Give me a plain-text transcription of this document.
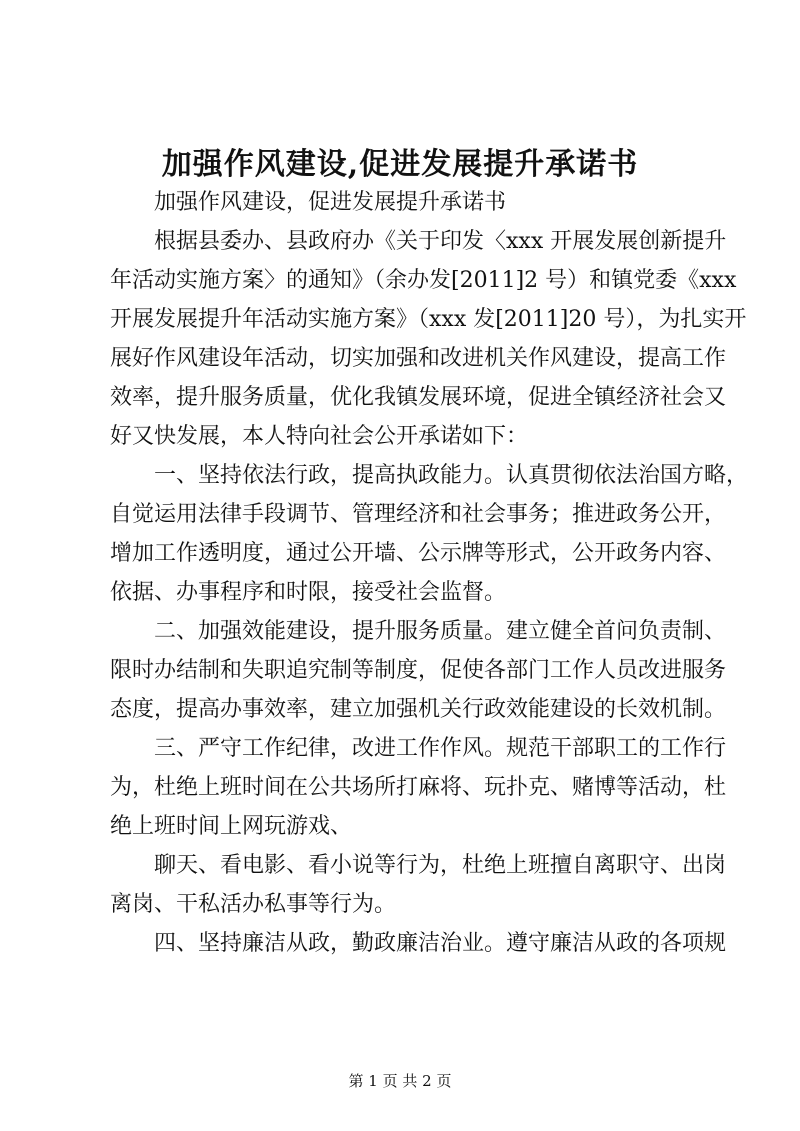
加强作风建设,促进发展提升承诺书
加强作风建设，促进发展提升承诺书
根据县委办、县政府办《关于印发〈xxx 开展发展创新提升
年活动实施方案〉的通知》（余办发[2011]2 号）和镇党委《xxx
开展发展提升年活动实施方案》（xxx 发[2011]20 号），为扎实开
展好作风建设年活动，切实加强和改进机关作风建设，提高工作
效率，提升服务质量，优化我镇发展环境，促进全镇经济社会又
好又快发展，本人特向社会公开承诺如下：
一、坚持依法行政，提高执政能力。认真贯彻依法治国方略，
自觉运用法律手段调节、管理经济和社会事务；推进政务公开，
增加工作透明度，通过公开墙、公示牌等形式，公开政务内容、
依据、办事程序和时限，接受社会监督。
二、加强效能建设，提升服务质量。建立健全首问负责制、
限时办结制和失职追究制等制度，促使各部门工作人员改进服务
态度，提高办事效率，建立加强机关行政效能建设的长效机制。
三、严守工作纪律，改进工作作风。规范干部职工的工作行
为，杜绝上班时间在公共场所打麻将、玩扑克、赌博等活动，杜
绝上班时间上网玩游戏、
聊天、看电影、看小说等行为，杜绝上班擅自离职守、出岗
离岗、干私活办私事等行为。
四、坚持廉洁从政，勤政廉洁治业。遵守廉洁从政的各项规
第 1 页 共 2 页
